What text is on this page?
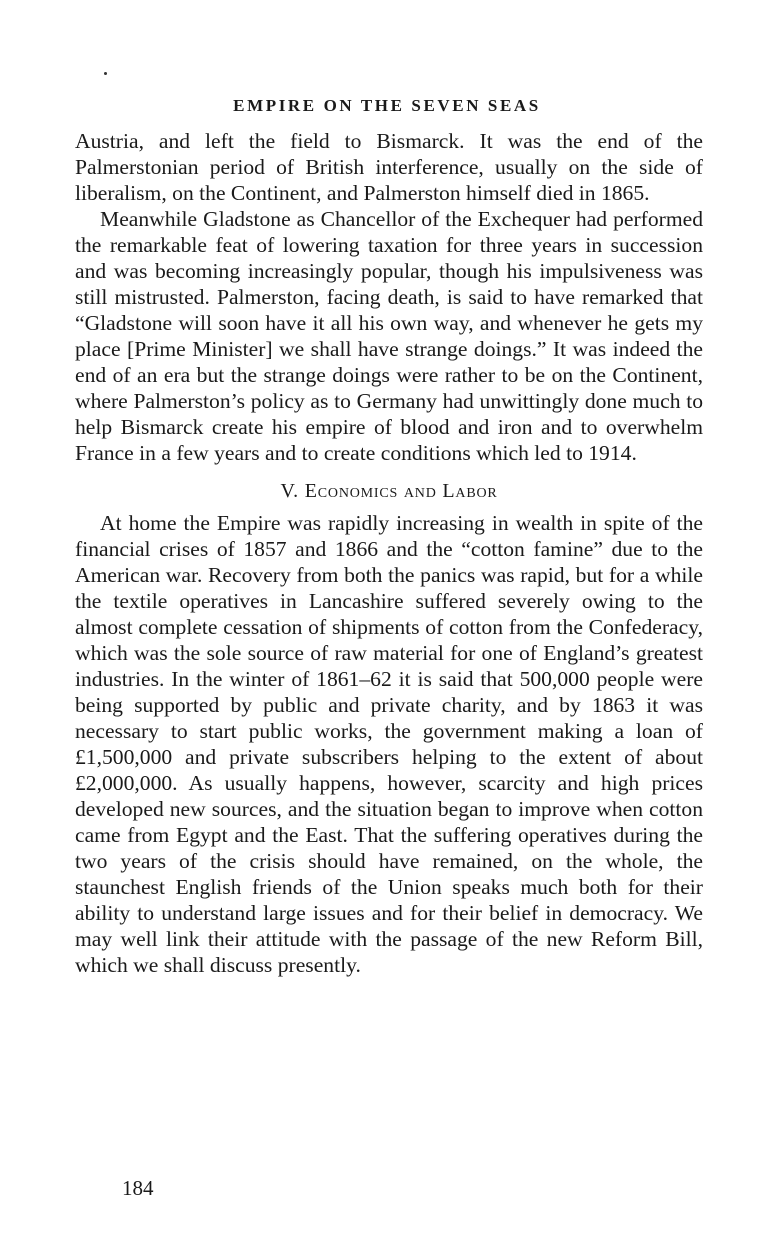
EMPIRE ON THE SEVEN SEAS

Austria, and left the field to Bismarck. It was the end of the Palmerstonian period of British interference, usually on the side of liberalism, on the Continent, and Palmerston himself died in 1865.

Meanwhile Gladstone as Chancellor of the Exchequer had performed the remarkable feat of lowering taxation for three years in succession and was becoming increasingly popular, though his impulsiveness was still mistrusted. Palmerston, facing death, is said to have remarked that “Gladstone will soon have it all his own way, and whenever he gets my place [Prime Minister] we shall have strange doings.” It was indeed the end of an era but the strange doings were rather to be on the Continent, where Palmerston’s policy as to Germany had unwittingly done much to help Bismarck create his empire of blood and iron and to overwhelm France in a few years and to create conditions which led to 1914.

V. Economics and Labor

At home the Empire was rapidly increasing in wealth in spite of the financial crises of 1857 and 1866 and the “cotton famine” due to the American war. Recovery from both the panics was rapid, but for a while the textile operatives in Lancashire suffered severely owing to the almost complete cessation of shipments of cotton from the Confederacy, which was the sole source of raw material for one of England’s greatest industries. In the winter of 1861–62 it is said that 500,000 people were being supported by public and private charity, and by 1863 it was necessary to start public works, the government making a loan of £1,500,000 and private subscribers helping to the extent of about £2,000,000. As usually happens, however, scarcity and high prices developed new sources, and the situation began to improve when cotton came from Egypt and the East. That the suffering operatives during the two years of the crisis should have remained, on the whole, the staunchest English friends of the Union speaks much both for their ability to understand large issues and for their belief in democracy. We may well link their attitude with the passage of the new Reform Bill, which we shall discuss presently.

184
